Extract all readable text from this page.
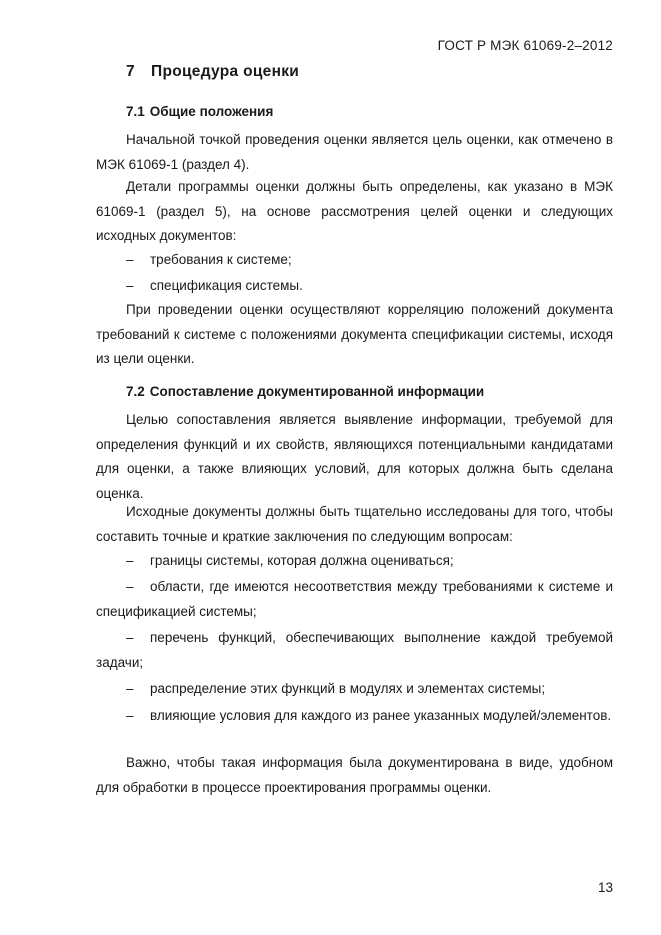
ГОСТ Р МЭК 61069-2–2012
7 Процедура оценки
7.1 Общие положения

Начальной точкой проведения оценки является цель оценки, как отмечено в МЭК 61069-1 (раздел 4).

Детали программы оценки должны быть определены, как указано в МЭК 61069-1 (раздел 5), на основе рассмотрения целей оценки и следующих исходных документов:

– требования к системе;
– спецификация системы.

При проведении оценки осуществляют корреляцию положений документа требований к системе с положениями документа спецификации системы, исходя из цели оценки.

7.2 Сопоставление документированной информации

Целью сопоставления является выявление информации, требуемой для определения функций и их свойств, являющихся потенциальными кандидатами для оценки, а также влияющих условий, для которых должна быть сделана оценка.

Исходные документы должны быть тщательно исследованы для того, чтобы составить точные и краткие заключения по следующим вопросам:

– границы системы, которая должна оцениваться;
– области, где имеются несоответствия между требованиями к системе и спецификацией системы;
– перечень функций, обеспечивающих выполнение каждой требуемой задачи;
– распределение этих функций в модулях и элементах системы;
– влияющие условия для каждого из ранее указанных модулей/элементов.

Важно, чтобы такая информация была документирована в виде, удобном для обработки в процессе проектирования программы оценки.

13
